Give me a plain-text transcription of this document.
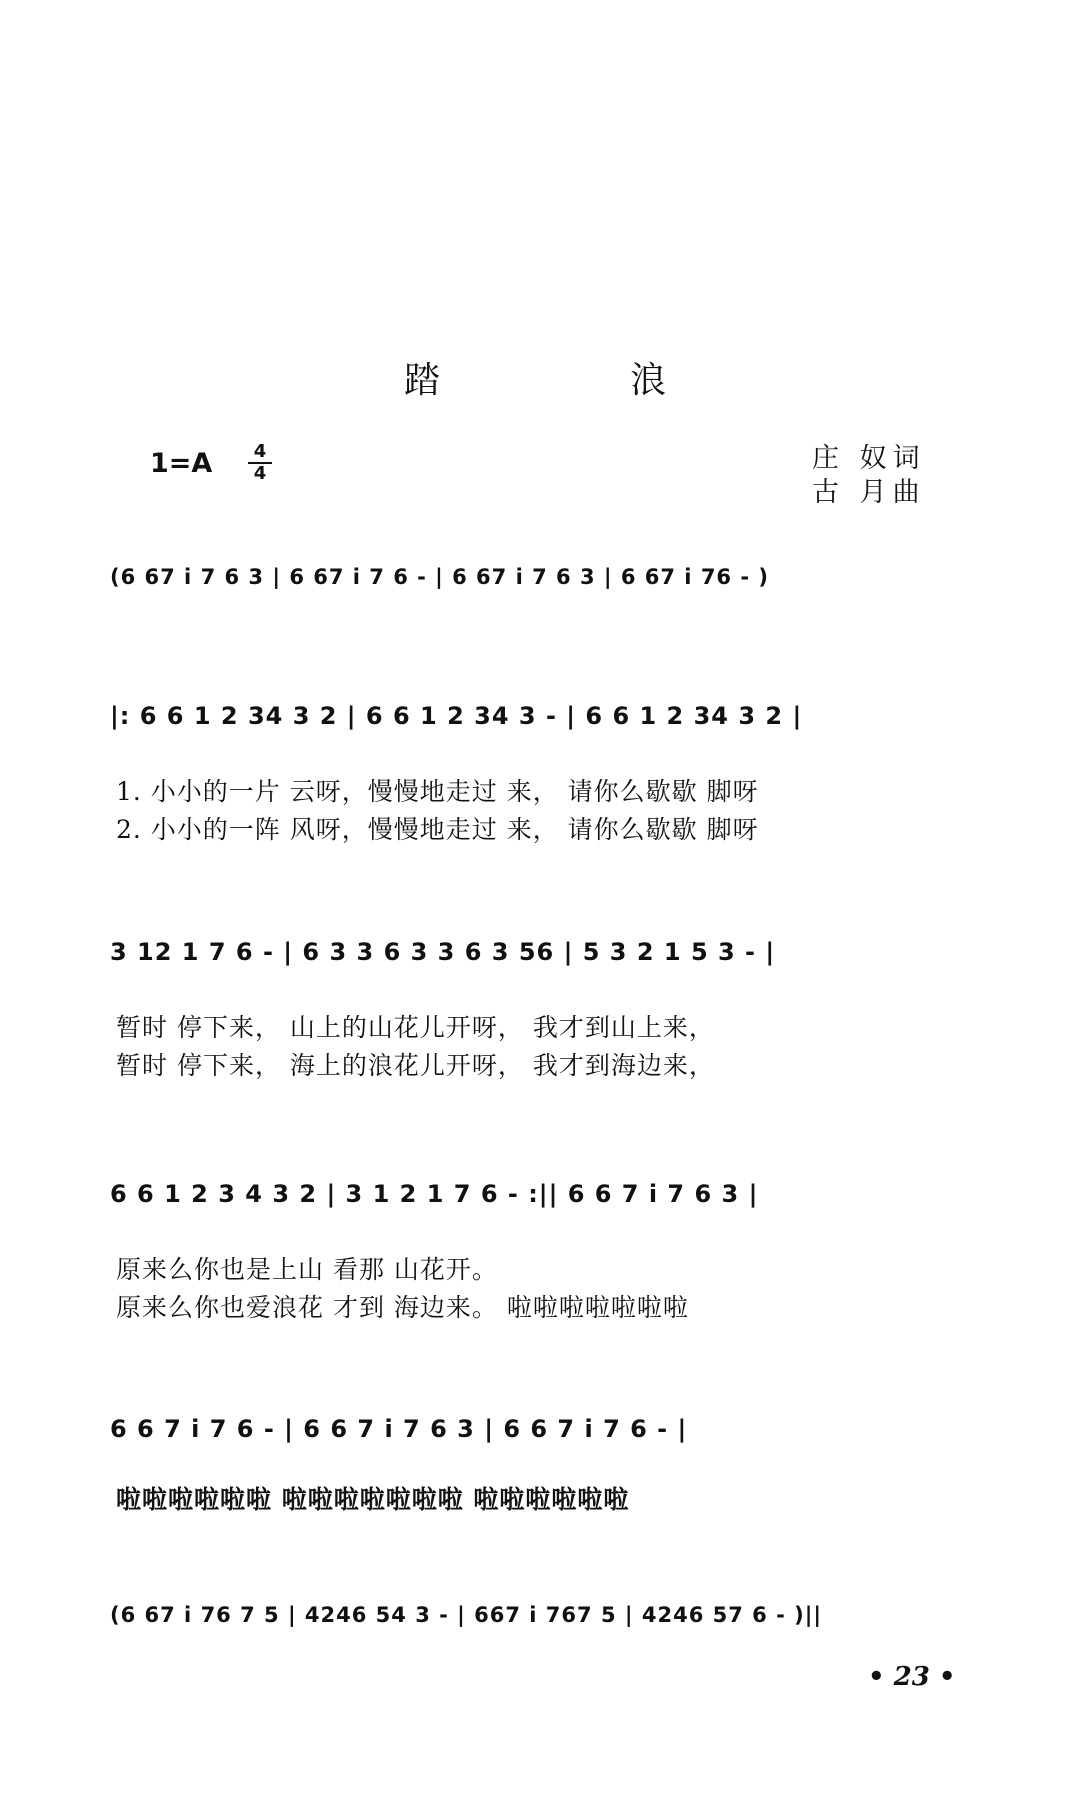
踏	浪
1=A	4
4	庄 奴词
古 月曲
(6 67 i 7 6 3 | 6 67 i 7 6 - | 6 67 i 7 6 3 | 6 67 i 76 - )
|: 6 6 1 2 34 3 2 | 6 6 1 2 34 3 - | 6 6 1 2 34 3 2 |
1. 小小的一片 云呀，慢慢地走过 来， 请你么歇歇 脚呀
2. 小小的一阵 风呀，慢慢地走过 来， 请你么歇歇 脚呀
3 12 1 7 6 - | 6 3 3 6 3 3 6 3 56 | 5 3 2 1 5 3 - |
暂时 停下来， 山上的山花儿开呀， 我才到山上来，
暂时 停下来， 海上的浪花儿开呀， 我才到海边来，
6 6 1 2 3 4 3 2 | 3 1 2 1 7 6 - :|| 6 6 7 i 7 6 3 |
原来么你也是上山 看那 山花开。
原来么你也爱浪花 才到 海边来。 啦啦啦啦啦啦啦
6 6 7 i 7 6 - | 6 6 7 i 7 6 3 | 6 6 7 i 7 6 - |
啦啦啦啦啦啦 啦啦啦啦啦啦啦 啦啦啦啦啦啦
(6 67 i 76 7 5 | 4246 54 3 - | 667 i 767 5 | 4246 57 6 - )||
• 23 •
